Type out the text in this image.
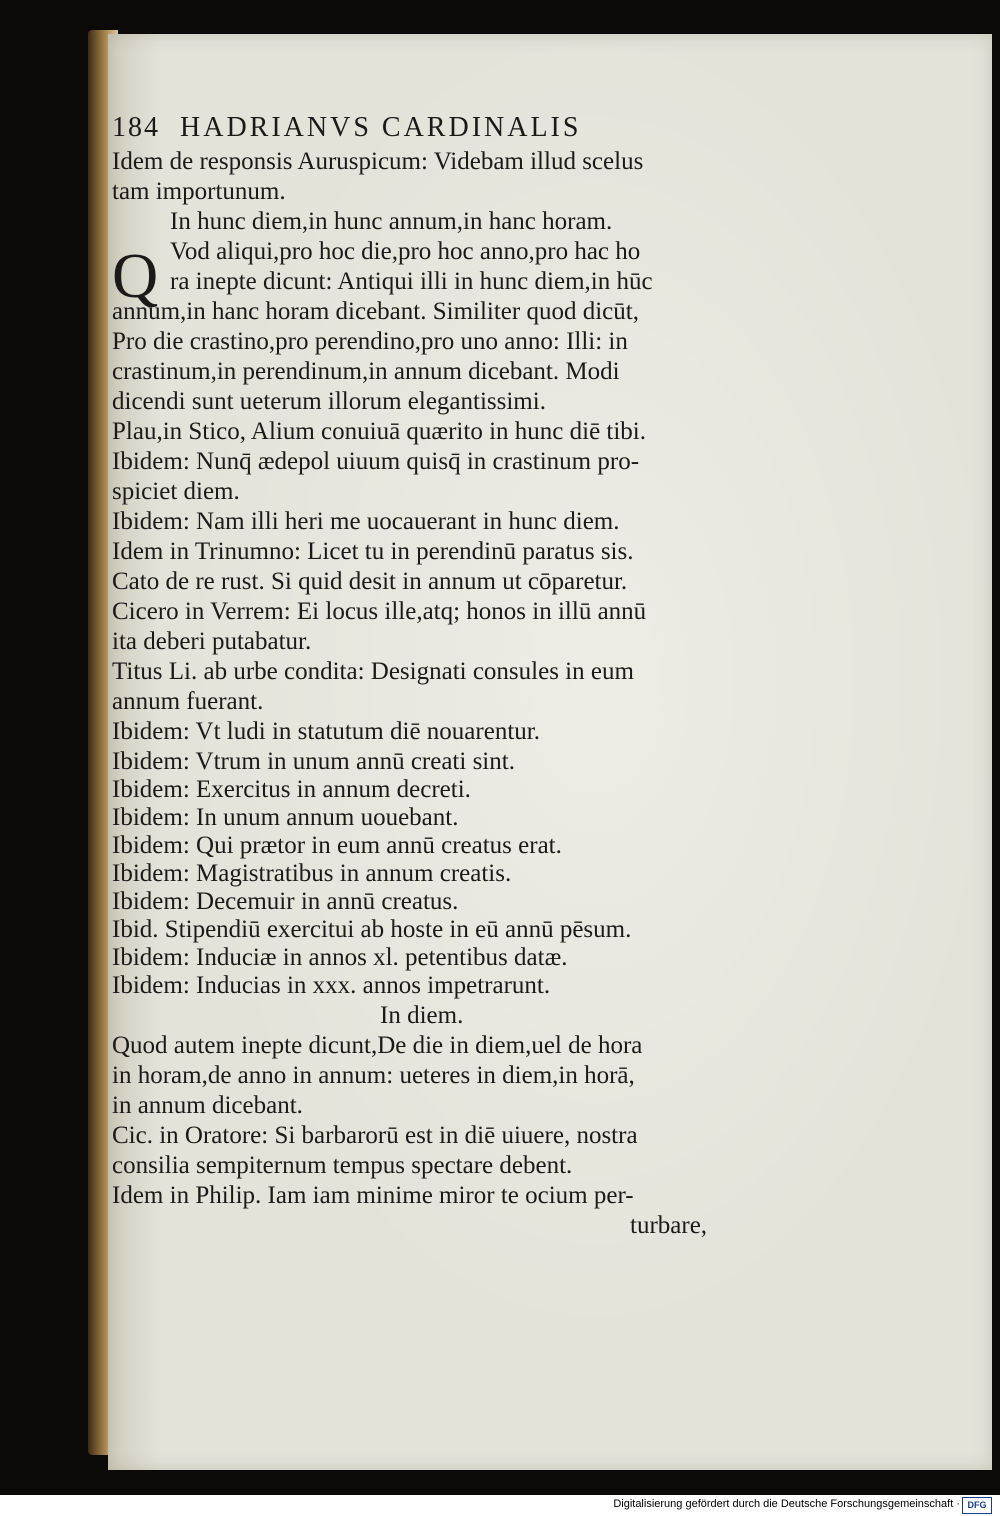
184 HADRIANVS CARDINALIS
Q
Idem de responsis Auruspicum: Videbam illud scelus
tam importunum.
In hunc diem,in hunc annum,in hanc horam.
Vod aliqui,pro hoc die,pro hoc anno,pro hac ho
ra inepte dicunt: Antiqui illi in hunc diem,in hūc
annum,in hanc horam dicebant. Similiter quod dicūt,
Pro die crastino,pro perendino,pro uno anno: Illi: in
crastinum,in perendinum,in annum dicebant. Modi
dicendi sunt ueterum illorum elegantissimi.
Plau,in Stico, Alium conuiuā quærito in hunc diē tibi.
Ibidem: Nunq̄ ædepol uiuum quisq̄ in crastinum pro-
spiciet diem.
Ibidem: Nam illi heri me uocauerant in hunc diem.
Idem in Trinumno: Licet tu in perendinū paratus sis.
Cato de re rust. Si quid desit in annum ut cōparetur.
Cicero in Verrem: Ei locus ille,atq; honos in illū annū
ita deberi putabatur.
Titus Li. ab urbe condita: Designati consules in eum
annum fuerant.
Ibidem: Vt ludi in statutum diē nouarentur.
Ibidem: Vtrum in unum annū creati sint.
Ibidem: Exercitus in annum decreti.
Ibidem: In unum annum uouebant.
Ibidem: Qui prætor in eum annū creatus erat.
Ibidem: Magistratibus in annum creatis.
Ibidem: Decemuir in annū creatus.
Ibid. Stipendiū exercitui ab hoste in eū annū pēsum.
Ibidem: Induciæ in annos xl. petentibus datæ.
Ibidem: Inducias in xxx. annos impetrarunt.
In diem.
Quod autem inepte dicunt,De die in diem,uel de hora
in horam,de anno in annum: ueteres in diem,in horā,
in annum dicebant.
Cic. in Oratore: Si barbarorū est in diē uiuere, nostra
consilia sempiternum tempus spectare debent.
Idem in Philip. Iam iam minime miror te ocium per-
turbare,
Digitalisierung gefördert durch die Deutsche Forschungsgemeinschaft · DFG
